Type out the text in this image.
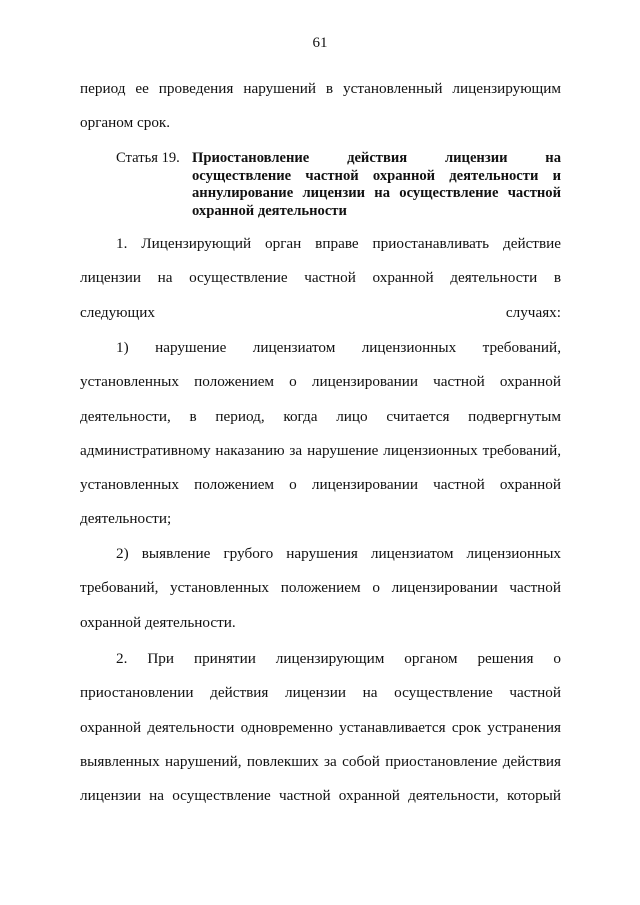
61
период ее проведения нарушений в установленный лицензирующим органом срок.
Статья 19. Приостановление действия лицензии на осуществление частной охранной деятельности и аннулирование лицензии на осуществление частной охранной деятельности
1. Лицензирующий орган вправе приостанавливать действие лицензии на осуществление частной охранной деятельности в следующих случаях:
1) нарушение лицензиатом лицензионных требований, установленных положением о лицензировании частной охранной деятельности, в период, когда лицо считается подвергнутым административному наказанию за нарушение лицензионных требований, установленных положением о лицензировании частной охранной деятельности;
2) выявление грубого нарушения лицензиатом лицензионных требований, установленных положением о лицензировании частной охранной деятельности.
2. При принятии лицензирующим органом решения о приостановлении действия лицензии на осуществление частной охранной деятельности одновременно устанавливается срок устранения выявленных нарушений, повлекших за собой приостановление действия лицензии на осуществление частной охранной деятельности, который
